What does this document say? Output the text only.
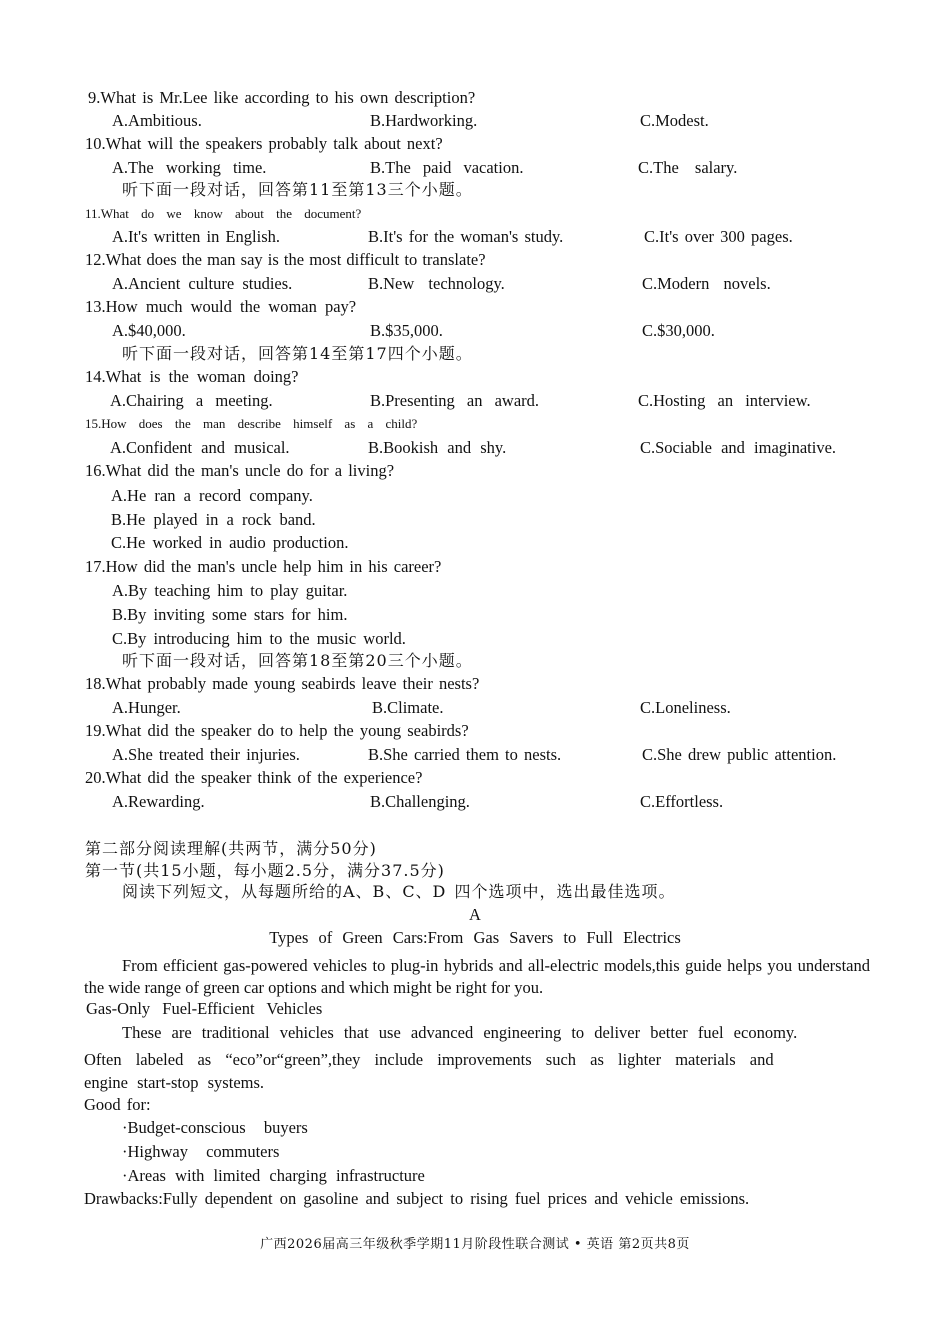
9.What is Mr.Lee like according to his own description?
A.Ambitious.	B.Hardworking.	C.Modest.
10.What will the speakers probably talk about next?
A.The working time.	B.The paid vacation.	C.The salary.
听下面一段对话，回答第11至第13三个小题。
11.What do we know about the document?
A.It's written in English.	B.It's for the woman's study.	C.It's over 300 pages.
12.What does the man say is the most difficult to translate?
A.Ancient culture studies.	B.New technology.	C.Modern novels.
13.How much would the woman pay?
A.$40,000.	B.$35,000.	C.$30,000.
听下面一段对话，回答第14至第17四个小题。
14.What is the woman doing?
A.Chairing a meeting.	B.Presenting an award.	C.Hosting an interview.
15.How does the man describe himself as a child?
A.Confident and musical.	B.Bookish and shy.	C.Sociable and imaginative.
16.What did the man's uncle do for a living?
A.He ran a record company.
B.He played in a rock band.
C.He worked in audio production.
17.How did the man's uncle help him in his career?
A.By teaching him to play guitar.
B.By inviting some stars for him.
C.By introducing him to the music world.
听下面一段对话，回答第18至第20三个小题。
18.What probably made young seabirds leave their nests?
A.Hunger.	B.Climate.	C.Loneliness.
19.What did the speaker do to help the young seabirds?
A.She treated their injuries.	B.She carried them to nests.	C.She drew public attention.
20.What did the speaker think of the experience?
A.Rewarding.	B.Challenging.	C.Effortless.
第二部分阅读理解(共两节，满分50分)
第一节(共15小题，每小题2.5分，满分37.5分)
阅读下列短文，从每题所给的A、B、C、D 四个选项中，选出最佳选项。
A
Types of Green Cars:From Gas Savers to Full Electrics
From efficient gas-powered vehicles to plug-in hybrids and all-electric models,this guide helps you understand the wide range of green car options and which might be right for you.
Gas-Only Fuel-Efficient Vehicles
These are traditional vehicles that use advanced engineering to deliver better fuel economy.
Often labeled as “eco”or“green”,they include improvements such as lighter materials and
engine start-stop systems.
Good for:
·Budget-conscious buyers
·Highway commuters
·Areas with limited charging infrastructure
Drawbacks:Fully dependent on gasoline and subject to rising fuel prices and vehicle emissions.
广西2026届高三年级秋季学期11月阶段性联合测试 • 英语 第2页共8页
